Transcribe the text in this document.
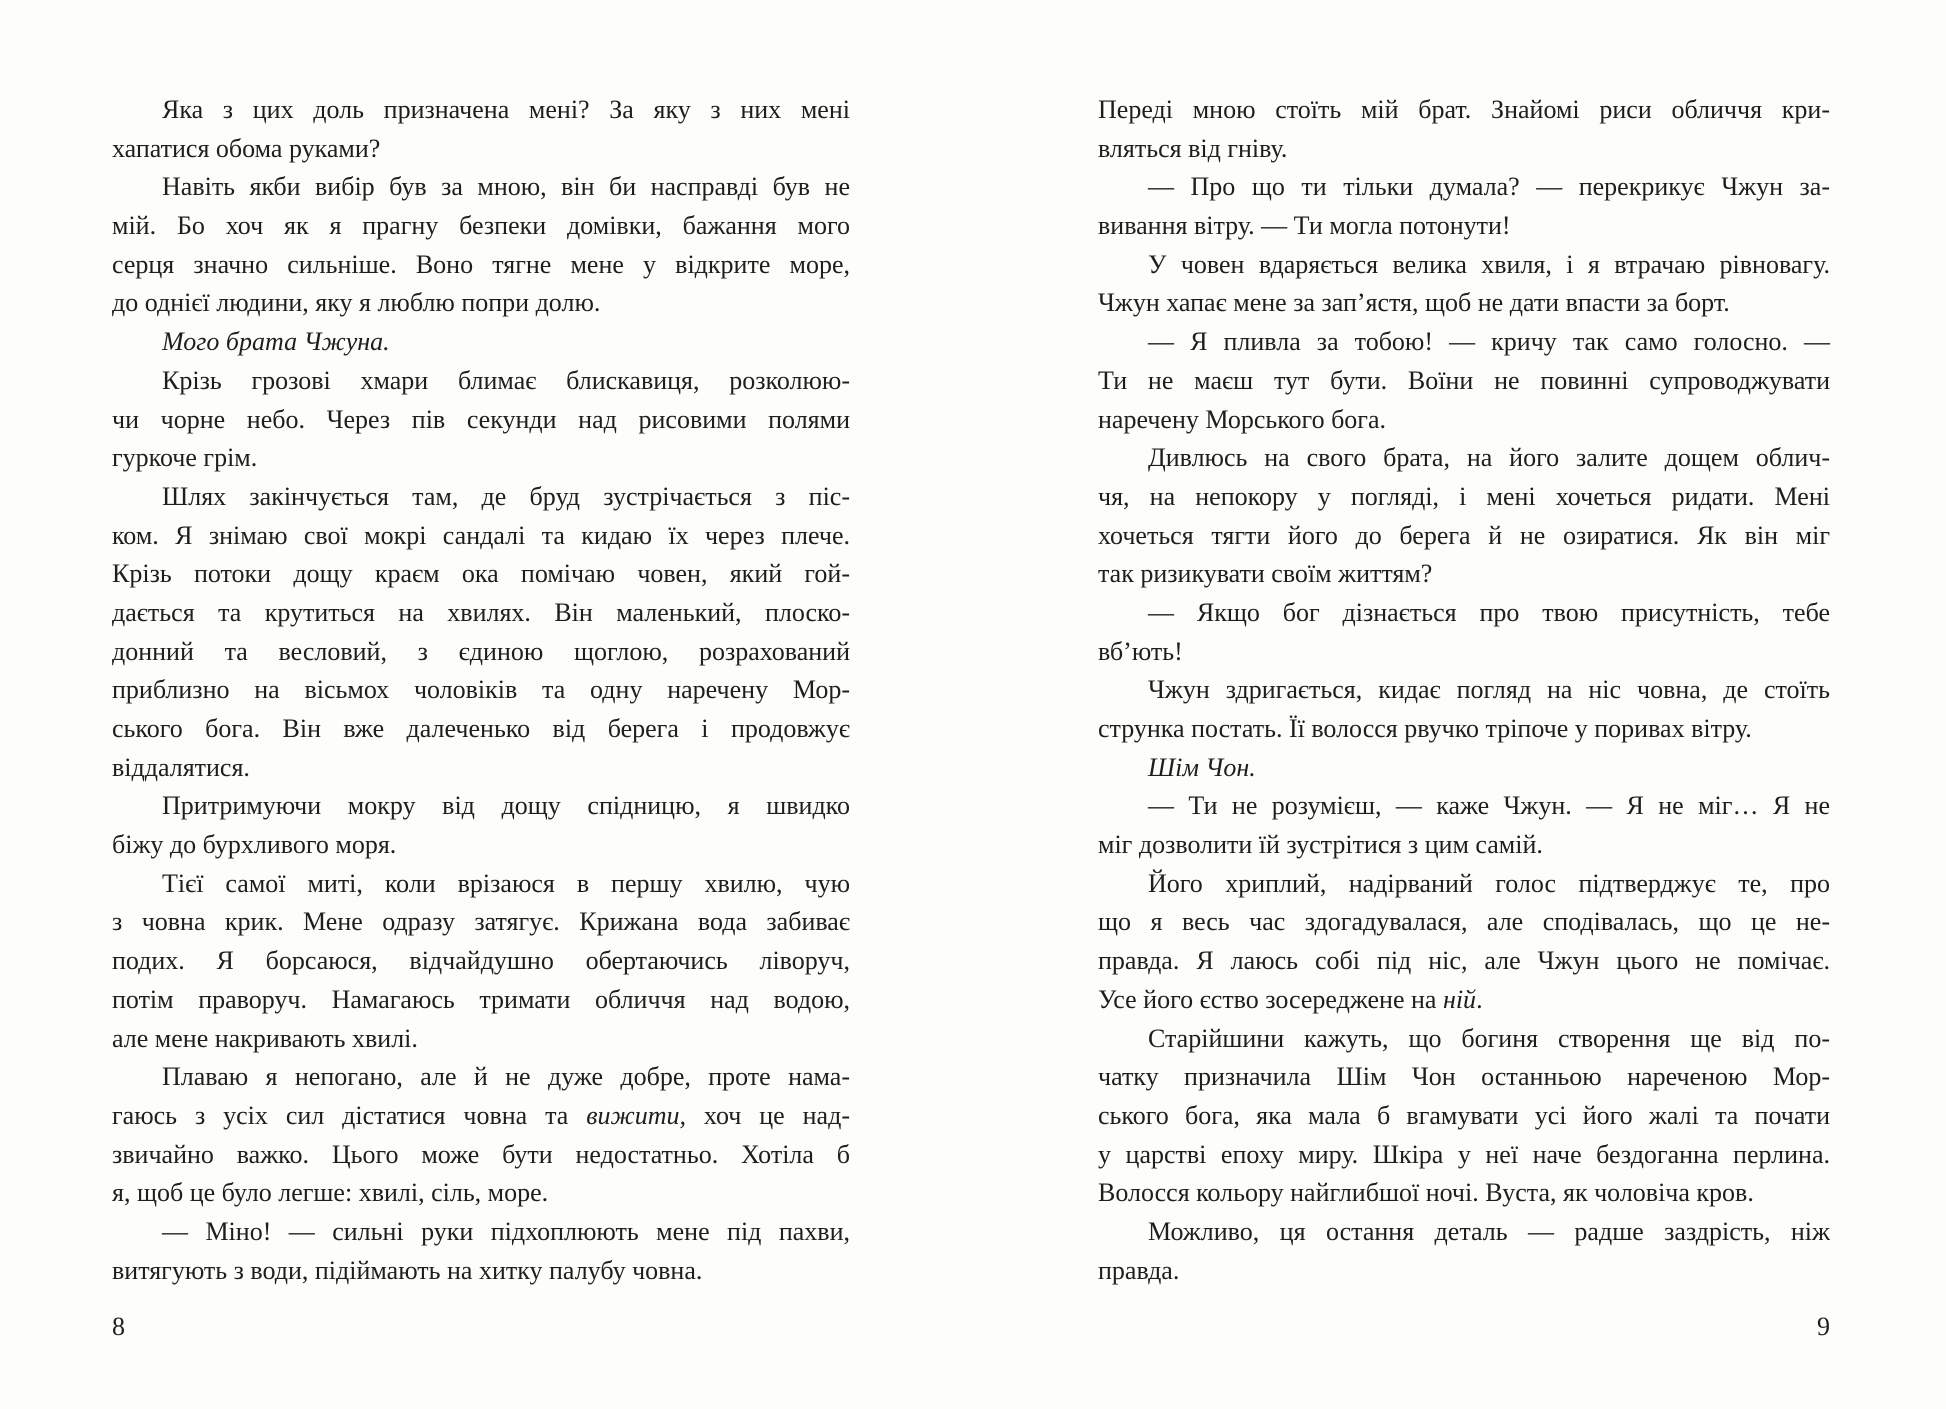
Яка з цих доль призначена мені? За яку з них мені
хапатися обома руками?
Навіть якби вибір був за мною, він би насправді був не
мій. Бо хоч як я прагну безпеки домівки, бажання мого
серця значно сильніше. Воно тягне мене у відкрите море,
до однієї людини, яку я люблю попри долю.
Мого брата Чжуна.
Крізь грозові хмари блимає блискавиця, розколюю-
чи чорне небо. Через пів секунди над рисовими полями
гуркоче грім.
Шлях закінчується там, де бруд зустрічається з піс-
ком. Я знімаю свої мокрі сандалі та кидаю їх через плече.
Крізь потоки дощу краєм ока помічаю човен, який гой-
дається та крутиться на хвилях. Він маленький, плоско-
донний та весловий, з єдиною щоглою, розрахований
приблизно на вісьмох чоловіків та одну наречену Мор-
ського бога. Він вже далеченько від берега і продовжує
віддалятися.
Притримуючи мокру від дощу спідницю, я швидко
біжу до бурхливого моря.
Тієї самої миті, коли врізаюся в першу хвилю, чую
з човна крик. Мене одразу затягує. Крижана вода забиває
подих. Я борсаюся, відчайдушно обертаючись ліворуч,
потім праворуч. Намагаюсь тримати обличчя над водою,
але мене накривають хвилі.
Плаваю я непогано, але й не дуже добре, проте нама-
гаюсь з усіх сил дістатися човна та вижити, хоч це над-
звичайно важко. Цього може бути недостатньо. Хотіла б
я, щоб це було легше: хвилі, сіль, море.
— Міно! — сильні руки підхоплюють мене під пахви,
витягують з води, підіймають на хитку палубу човна.
Переді мною стоїть мій брат. Знайомі риси обличчя кри-
вляться від гніву.
— Про що ти тільки думала? — перекрикує Чжун за-
вивання вітру. — Ти могла потонути!
У човен вдаряється велика хвиля, і я втрачаю рівновагу.
Чжун хапає мене за зап’ястя, щоб не дати впасти за борт.
— Я пливла за тобою! — кричу так само голосно. —
Ти не маєш тут бути. Воїни не повинні супроводжувати
наречену Морського бога.
Дивлюсь на свого брата, на його залите дощем облич-
чя, на непокору у погляді, і мені хочеться ридати. Мені
хочеться тягти його до берега й не озиратися. Як він міг
так ризикувати своїм життям?
— Якщо бог дізнається про твою присутність, тебе
вб’ють!
Чжун здригається, кидає погляд на ніс човна, де стоїть
струнка постать. Її волосся рвучко тріпоче у поривах вітру.
Шім Чон.
— Ти не розумієш, — каже Чжун. — Я не міг… Я не
міг дозволити їй зустрітися з цим самій.
Його хриплий, надірваний голос підтверджує те, про
що я весь час здогадувалася, але сподівалась, що це не-
правда. Я лаюсь собі під ніс, але Чжун цього не помічає.
Усе його єство зосереджене на ній.
Старійшини кажуть, що богиня створення ще від по-
чатку призначила Шім Чон останньою нареченою Мор-
ського бога, яка мала б вгамувати усі його жалі та почати
у царстві епоху миру. Шкіра у неї наче бездоганна перлина.
Волосся кольору найглибшої ночі. Вуста, як чоловіча кров.
Можливо, ця остання деталь — радше заздрість, ніж
правда.
8	9
